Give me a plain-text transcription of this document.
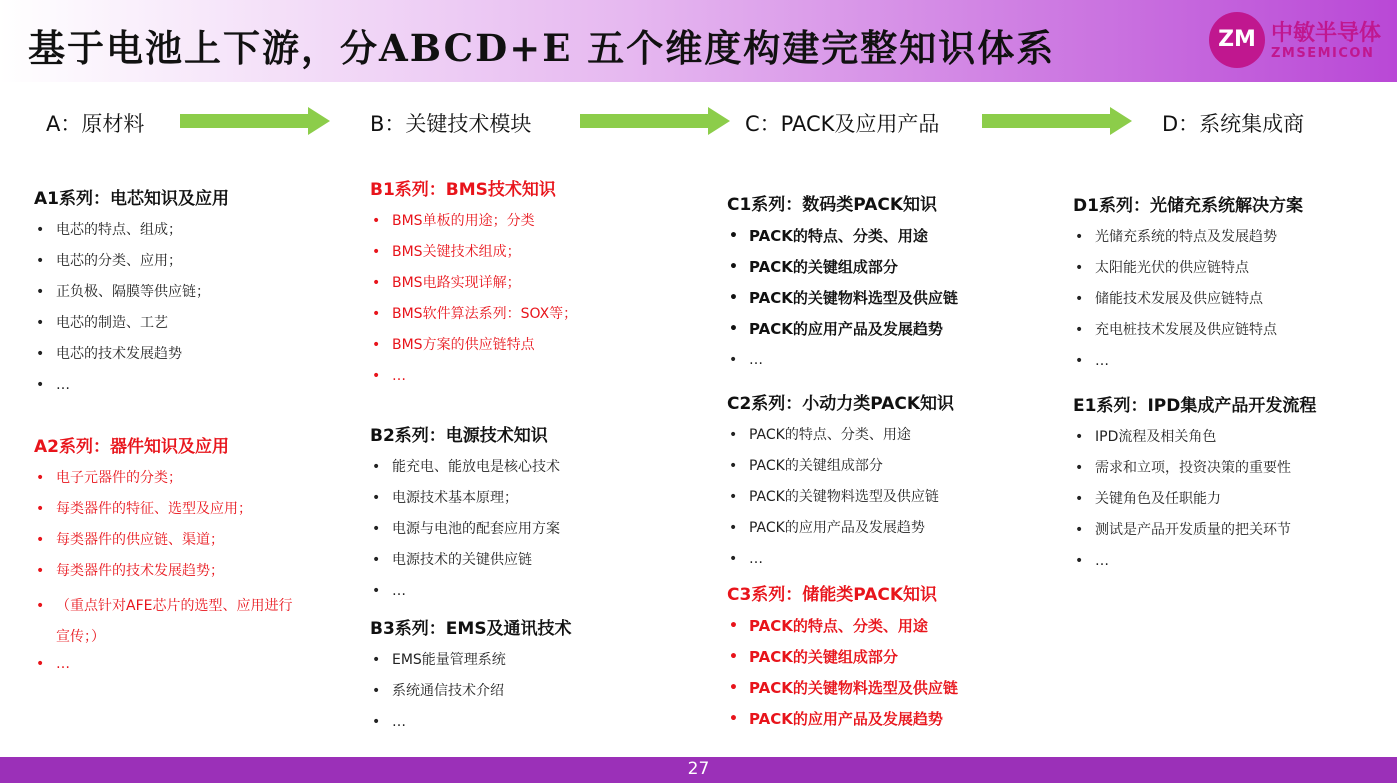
基于电池上下游，分ABCD+E 五个维度构建完整知识体系	ZM 中敏半导体
ZMSEMICON
A：原材料	B：关键技术模块	C：PACK及应用产品	D：系统集成商
A1系列：电芯知识及应用
• 电芯的特点、组成；
• 电芯的分类、应用；
• 正负极、隔膜等供应链；
• 电芯的制造、工艺
• 电芯的技术发展趋势
• …
A2系列：器件知识及应用
• 电子元器件的分类；
• 每类器件的特征、选型及应用；
• 每类器件的供应链、渠道；
• 每类器件的技术发展趋势；
• （重点针对AFE芯片的选型、应用进行宣传；）
• …
B1系列：BMS技术知识
• BMS单板的用途；分类
• BMS关键技术组成；
• BMS电路实现详解；
• BMS软件算法系列：SOX等；
• BMS方案的供应链特点
• …
B2系列：电源技术知识
• 能充电、能放电是核心技术
• 电源技术基本原理；
• 电源与电池的配套应用方案
• 电源技术的关键供应链
• …
B3系列：EMS及通讯技术
• EMS能量管理系统
• 系统通信技术介绍
• …
C1系列：数码类PACK知识
• PACK的特点、分类、用途
• PACK的关键组成部分
• PACK的关键物料选型及供应链
• PACK的应用产品及发展趋势
• …
C2系列：小动力类PACK知识
• PACK的特点、分类、用途
• PACK的关键组成部分
• PACK的关键物料选型及供应链
• PACK的应用产品及发展趋势
• …
C3系列：储能类PACK知识
• PACK的特点、分类、用途
• PACK的关键组成部分
• PACK的关键物料选型及供应链
• PACK的应用产品及发展趋势
D1系列：光储充系统解决方案
• 光储充系统的特点及发展趋势
• 太阳能光伏的供应链特点
• 储能技术发展及供应链特点
• 充电桩技术发展及供应链特点
• …
E1系列：IPD集成产品开发流程
• IPD流程及相关角色
• 需求和立项，投资决策的重要性
• 关键角色及任职能力
• 测试是产品开发质量的把关环节
• …
27
